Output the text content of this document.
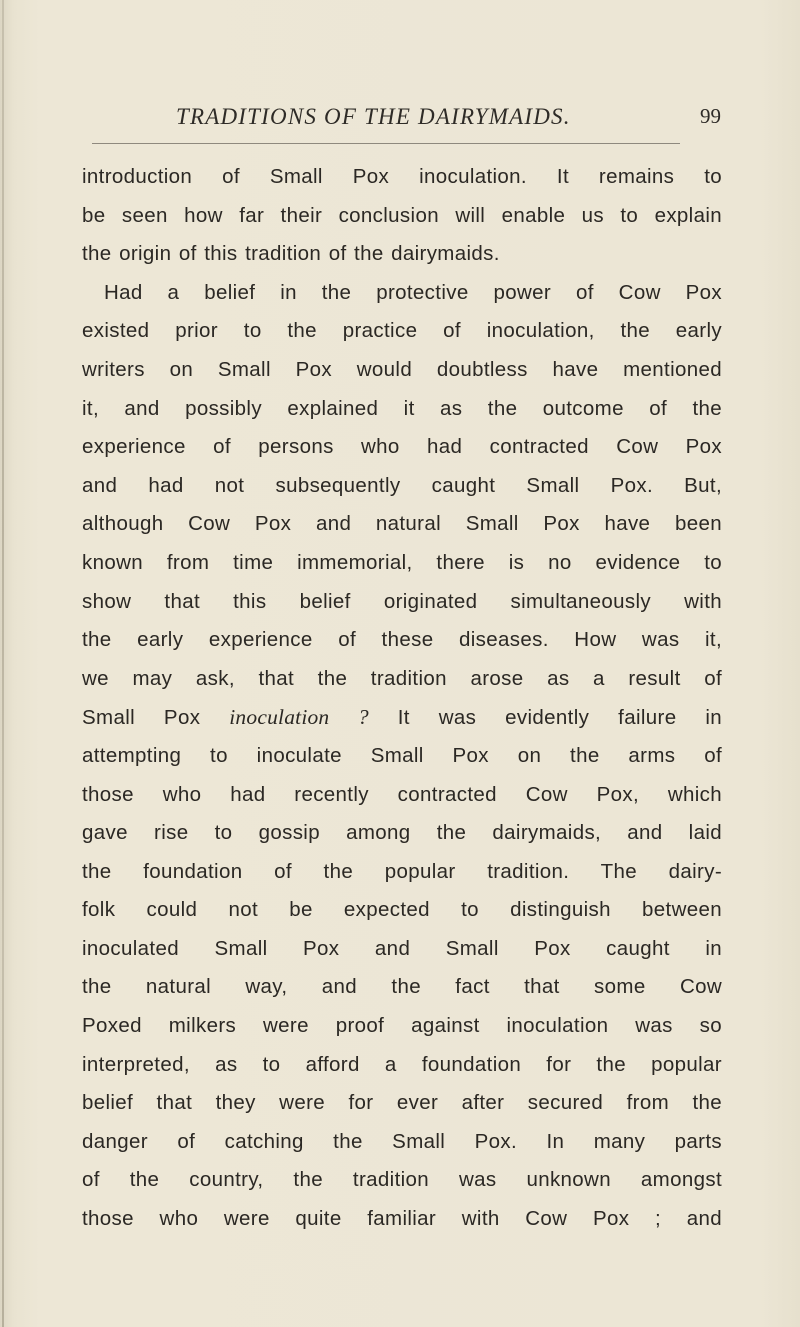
TRADITIONS OF THE DAIRYMAIDS.	99
introduction of Small Pox inoculation. It remains to
be seen how far their conclusion will enable us to explain
the origin of this tradition of the dairymaids.
Had a belief in the protective power of Cow Pox
existed prior to the practice of inoculation, the early
writers on Small Pox would doubtless have mentioned
it, and possibly explained it as the outcome of the
experience of persons who had contracted Cow Pox
and had not subsequently caught Small Pox. But,
although Cow Pox and natural Small Pox have been
known from time immemorial, there is no evidence to
show that this belief originated simultaneously with
the early experience of these diseases. How was it,
we may ask, that the tradition arose as a result of
Small Pox inoculation ? It was evidently failure in
attempting to inoculate Small Pox on the arms of
those who had recently contracted Cow Pox, which
gave rise to gossip among the dairymaids, and laid
the foundation of the popular tradition. The dairy-
folk could not be expected to distinguish between
inoculated Small Pox and Small Pox caught in
the natural way, and the fact that some Cow
Poxed milkers were proof against inoculation was so
interpreted, as to afford a foundation for the popular
belief that they were for ever after secured from the
danger of catching the Small Pox. In many parts
of the country, the tradition was unknown amongst
those who were quite familiar with Cow Pox ; and
